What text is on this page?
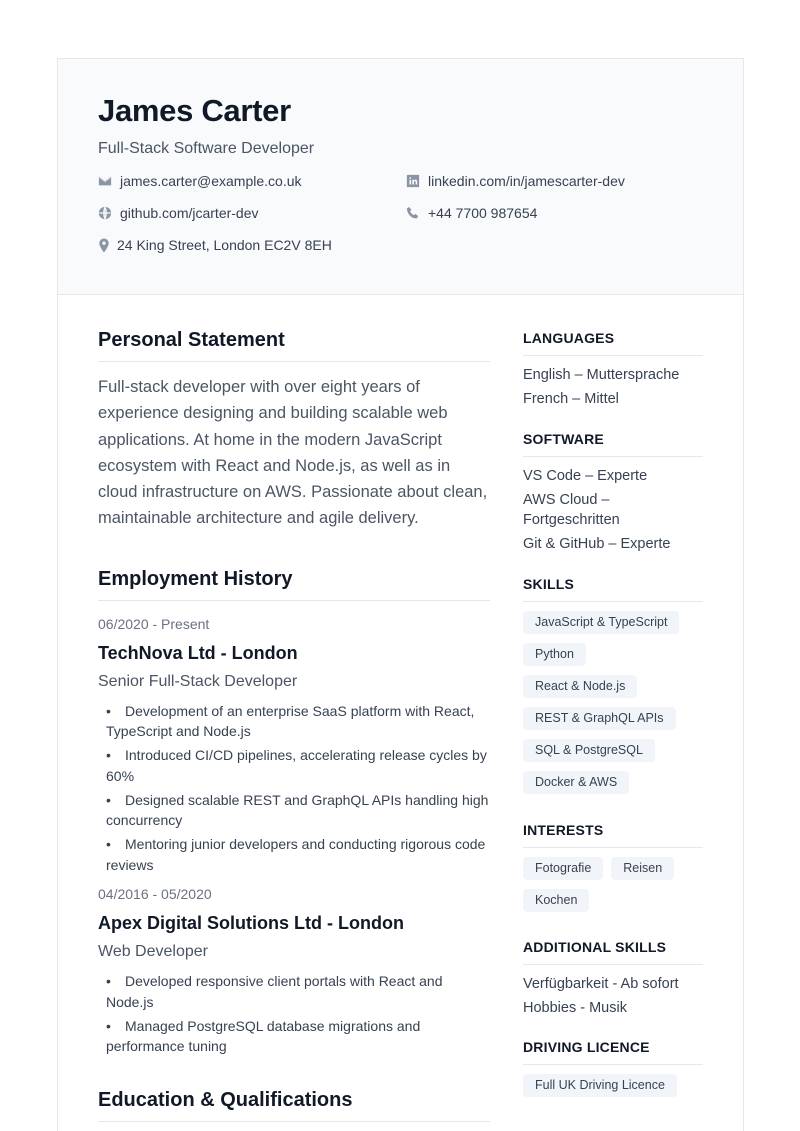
James Carter
Full-Stack Software Developer
james.carter@example.co.uk	linkedin.com/in/jamescarter-dev
github.com/jcarter-dev	+44 7700 987654
24 King Street, London EC2V 8EH
Personal Statement

Full-stack developer with over eight years of experience designing and building scalable web applications. At home in the modern JavaScript ecosystem with React and Node.js, as well as in cloud infrastructure on AWS. Passionate about clean, maintainable architecture and agile delivery.

Employment History
06/2020 - Present
TechNova Ltd - London
Senior Full-Stack Developer
• Development of an enterprise SaaS platform with React, TypeScript and Node.js
• Introduced CI/CD pipelines, accelerating release cycles by 60%
• Designed scalable REST and GraphQL APIs handling high concurrency
• Mentoring junior developers and conducting rigorous code reviews
04/2016 - 05/2020
Apex Digital Solutions Ltd - London
Web Developer
• Developed responsive client portals with React and Node.js
• Managed PostgreSQL database migrations and performance tuning
Education & Qualifications
LANGUAGES
English – Muttersprache
French – Mittel
SOFTWARE
VS Code – Experte
AWS Cloud – Fortgeschritten
Git & GitHub – Experte
SKILLS
JavaScript & TypeScript
Python
React & Node.js
REST & GraphQL APIs
SQL & PostgreSQL
Docker & AWS
INTERESTS
Fotografie	Reisen
Kochen
ADDITIONAL SKILLS
Verfügbarkeit - Ab sofort
Hobbies - Musik
DRIVING LICENCE
Full UK Driving Licence
